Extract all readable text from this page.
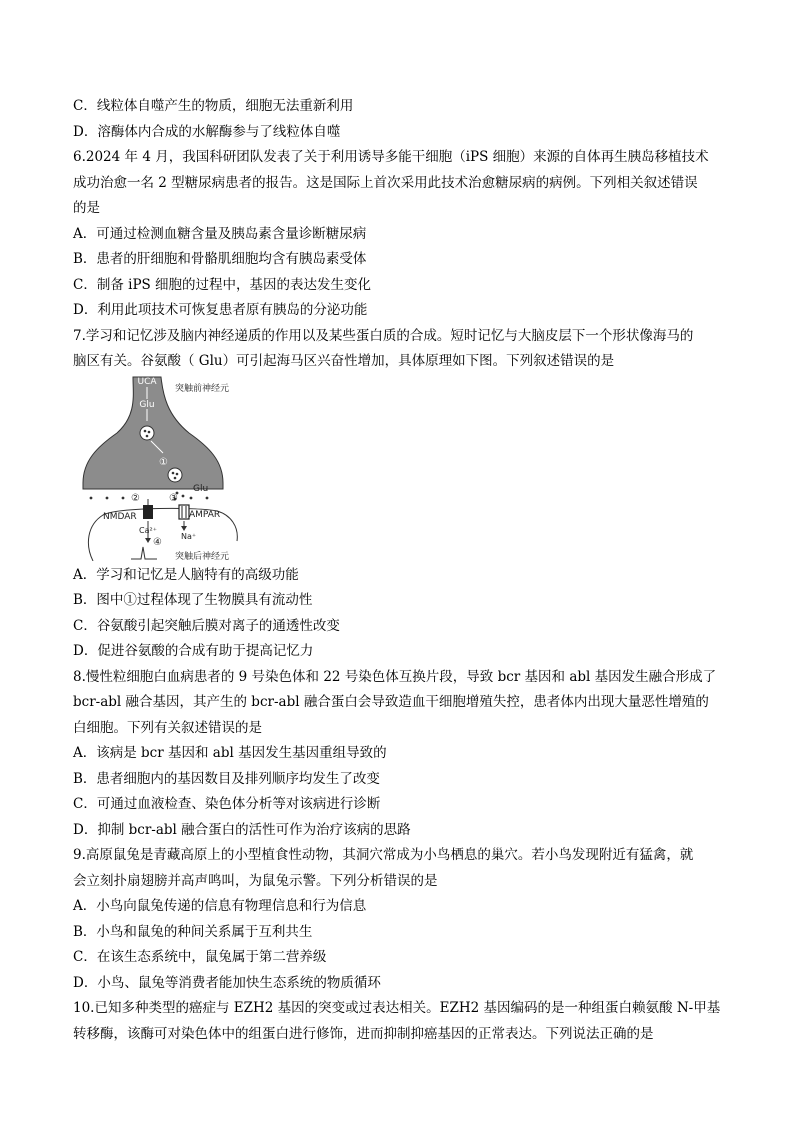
C．线粒体自噬产生的物质，细胞无法重新利用
D．溶酶体内合成的水解酶参与了线粒体自噬
6.2024 年 4 月，我国科研团队发表了关于利用诱导多能干细胞（iPS 细胞）来源的自体再生胰岛移植技术
成功治愈一名 2 型糖尿病患者的报告。这是国际上首次采用此技术治愈糖尿病的病例。下列相关叙述错误
的是
A．可通过检测血糖含量及胰岛素含量诊断糖尿病
B．患者的肝细胞和骨骼肌细胞均含有胰岛素受体
C．制备 iPS 细胞的过程中，基因的表达发生变化
D．利用此项技术可恢复患者原有胰岛的分泌功能
7.学习和记忆涉及脑内神经递质的作用以及某些蛋白质的合成。短时记忆与大脑皮层下一个形状像海马的
脑区有关。谷氨酸（ Glu）可引起海马区兴奋性增加，具体原理如下图。下列叙述错误的是
UCA
Glu
突触前神经元
①
Glu
②	③
NMDAR	AMPAR
Ca²⁺
④
Na⁺
突触后神经元
A．学习和记忆是人脑特有的高级功能
B．图中①过程体现了生物膜具有流动性
C．谷氨酸引起突触后膜对离子的通透性改变
D．促进谷氨酸的合成有助于提高记忆力
8.慢性粒细胞白血病患者的 9 号染色体和 22 号染色体互换片段，导致 bcr 基因和 abl 基因发生融合形成了
bcr-abl 融合基因，其产生的 bcr-abl 融合蛋白会导致造血干细胞增殖失控，患者体内出现大量恶性增殖的
白细胞。下列有关叙述错误的是
A．该病是 bcr 基因和 abl 基因发生基因重组导致的
B．患者细胞内的基因数目及排列顺序均发生了改变
C．可通过血液检查、染色体分析等对该病进行诊断
D．抑制 bcr-abl 融合蛋白的活性可作为治疗该病的思路
9.高原鼠兔是青藏高原上的小型植食性动物，其洞穴常成为小鸟栖息的巢穴。若小鸟发现附近有猛禽，就
会立刻扑扇翅膀并高声鸣叫，为鼠兔示警。下列分析错误的是
A．小鸟向鼠兔传递的信息有物理信息和行为信息
B．小鸟和鼠兔的种间关系属于互利共生
C．在该生态系统中，鼠兔属于第二营养级
D．小鸟、鼠兔等消费者能加快生态系统的物质循环
10.已知多种类型的癌症与 EZH2 基因的突变或过表达相关。EZH2 基因编码的是一种组蛋白赖氨酸 N-甲基
转移酶，该酶可对染色体中的组蛋白进行修饰，进而抑制抑癌基因的正常表达。下列说法正确的是
